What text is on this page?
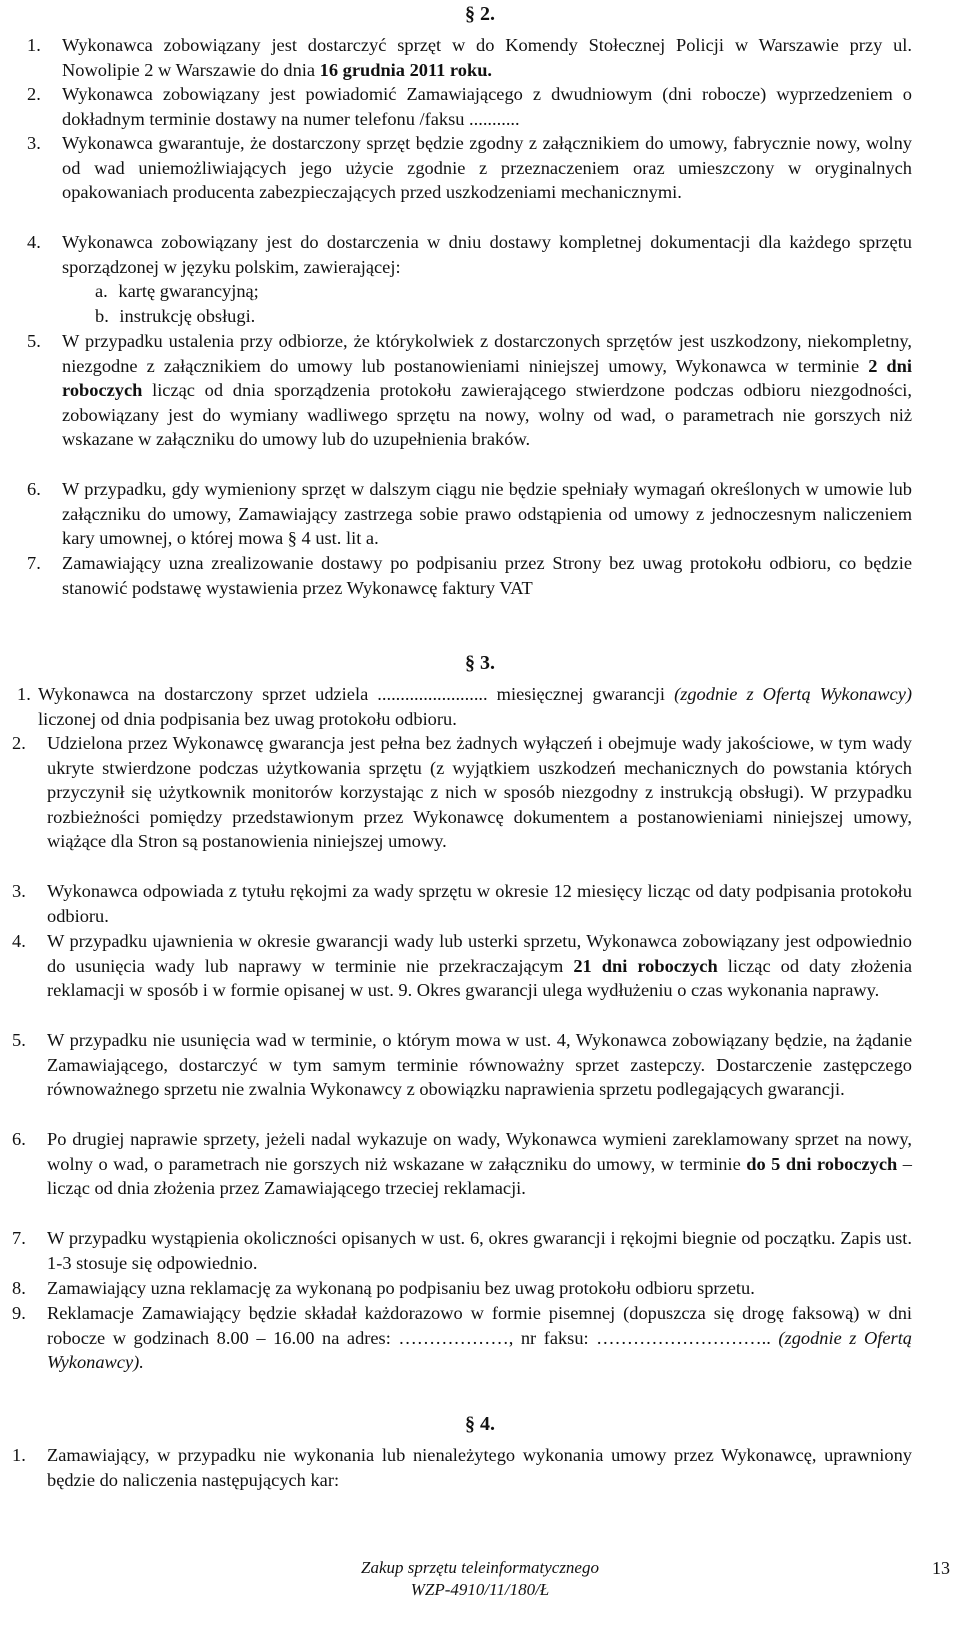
§ 2.
1. Wykonawca zobowiązany jest dostarczyć sprzęt w do Komendy Stołecznej Policji w Warszawie przy ul. Nowolipie 2 w Warszawie do dnia 16 grudnia 2011 roku.
2. Wykonawca zobowiązany jest powiadomić Zamawiającego z dwudniowym (dni robocze) wyprzedzeniem o dokładnym terminie dostawy na numer telefonu /faksu ...........
3. Wykonawca gwarantuje, że dostarczony sprzęt będzie zgodny z załącznikiem do umowy, fabrycznie nowy, wolny od wad uniemożliwiających jego użycie zgodnie z przeznaczeniem oraz umieszczony w oryginalnych opakowaniach producenta zabezpieczających przed uszkodzeniami mechanicznymi.
4. Wykonawca zobowiązany jest do dostarczenia w dniu dostawy kompletnej dokumentacji dla każdego sprzętu sporządzonej w języku polskim, zawierającej:
a. kartę gwarancyjną;
b. instrukcję obsługi.
5. W przypadku ustalenia przy odbiorze, że którykolwiek z dostarczonych sprzętów jest uszkodzony, niekompletny, niezgodne z załącznikiem do umowy lub postanowieniami niniejszej umowy, Wykonawca w terminie 2 dni roboczych licząc od dnia sporządzenia protokołu zawierającego stwierdzone podczas odbioru niezgodności, zobowiązany jest do wymiany wadliwego sprzętu na nowy, wolny od wad, o parametrach nie gorszych niż wskazane w załączniku do umowy lub do uzupełnienia braków.
6. W przypadku, gdy wymieniony sprzęt w dalszym ciągu nie będzie spełniały wymagań określonych w umowie lub załączniku do umowy, Zamawiający zastrzega sobie prawo odstąpienia od umowy z jednoczesnym naliczeniem kary umownej, o której mowa § 4 ust. lit a.
7. Zamawiający uzna zrealizowanie dostawy po podpisaniu przez Strony bez uwag protokołu odbioru, co będzie stanowić podstawę wystawienia przez Wykonawcę faktury VAT
§ 3.
1. Wykonawca na dostarczony sprzet udziela ........................ miesięcznej gwarancji (zgodnie z Ofertą Wykonawcy) liczonej od dnia podpisania bez uwag protokołu odbioru.
2. Udzielona przez Wykonawcę gwarancja jest pełna bez żadnych wyłączeń i obejmuje wady jakościowe, w tym wady ukryte stwierdzone podczas użytkowania sprzętu (z wyjątkiem uszkodzeń mechanicznych do powstania których przyczynił się użytkownik monitorów korzystając z nich w sposób niezgodny z instrukcją obsługi). W przypadku rozbieżności pomiędzy przedstawionym przez Wykonawcę dokumentem a postanowieniami niniejszej umowy, wiążące dla Stron są postanowienia niniejszej umowy.
3. Wykonawca odpowiada z tytułu rękojmi za wady sprzętu w okresie 12 miesięcy licząc od daty podpisania protokołu odbioru.
4. W przypadku ujawnienia w okresie gwarancji wady lub usterki sprzetu, Wykonawca zobowiązany jest odpowiednio do usunięcia wady lub naprawy w terminie nie przekraczającym 21 dni roboczych licząc od daty złożenia reklamacji w sposób i w formie opisanej w ust. 9. Okres gwarancji ulega wydłużeniu o czas wykonania naprawy.
5. W przypadku nie usunięcia wad w terminie, o którym mowa w ust. 4, Wykonawca zobowiązany będzie, na żądanie Zamawiającego, dostarczyć w tym samym terminie równoważny sprzet zastepczy. Dostarczenie zastępczego równoważnego sprzetu nie zwalnia Wykonawcy z obowiązku naprawienia sprzetu podlegających gwarancji.
6. Po drugiej naprawie sprzety, jeżeli nadal wykazuje on wady, Wykonawca wymieni zareklamowany sprzet na nowy, wolny o wad, o parametrach nie gorszych niż wskazane w załączniku do umowy, w terminie do 5 dni roboczych – licząc od dnia złożenia przez Zamawiającego trzeciej reklamacji.
7. W przypadku wystąpienia okoliczności opisanych w ust. 6, okres gwarancji i rękojmi biegnie od początku. Zapis ust. 1-3 stosuje się odpowiednio.
8. Zamawiający uzna reklamację za wykonaną po podpisaniu bez uwag protokołu odbioru sprzetu.
9. Reklamacje Zamawiający będzie składał każdorazowo w formie pisemnej (dopuszcza się drogę faksową) w dni robocze w godzinach 8.00 – 16.00 na adres: ………………, nr faksu: ……………………….. (zgodnie z Ofertą Wykonawcy).
§ 4.
1. Zamawiający, w przypadku nie wykonania lub nienależytego wykonania umowy przez Wykonawcę, uprawniony będzie do naliczenia następujących kar:
Zakup sprzętu teleinformatycznego
WZP-4910/11/180/Ł
13
